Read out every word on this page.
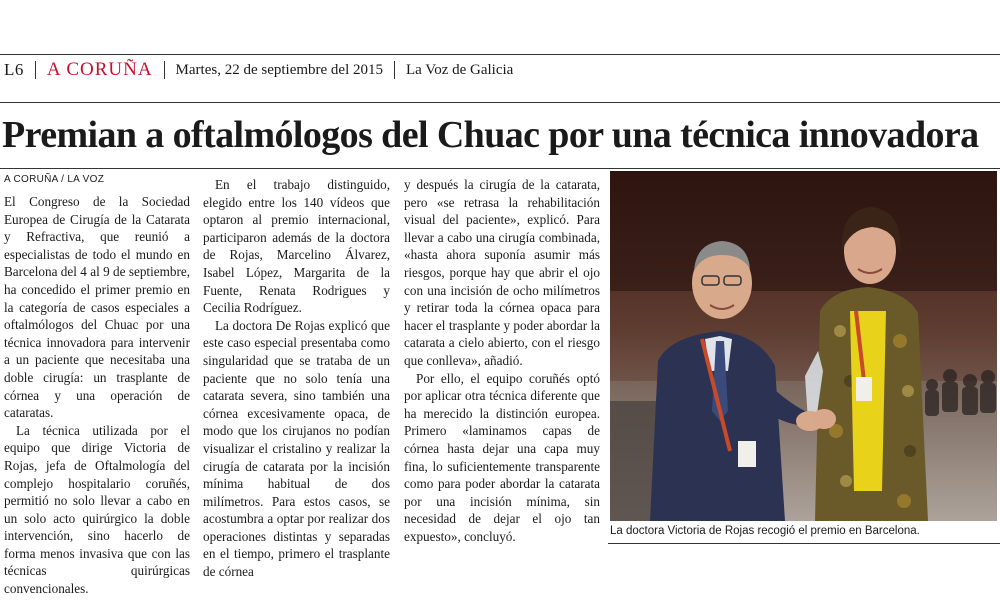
L6 A CORUÑA Martes, 22 de septiembre del 2015 La Voz de Galicia
Premian a oftalmólogos del Chuac por una técnica innovadora
A CORUÑA / LA VOZ

El Congreso de la Sociedad Europea de Cirugía de la Catarata y Refractiva, que reunió a especialistas de todo el mundo en Barcelona del 4 al 9 de septiembre, ha concedido el primer premio en la categoría de casos especiales a oftalmólogos del Chuac por una técnica innovadora para intervenir a un paciente que necesitaba una doble cirugía: un trasplante de córnea y una operación de cataratas.

La técnica utilizada por el equipo que dirige Victoria de Rojas, jefa de Oftalmología del complejo hospitalario coruñés, permitió no solo llevar a cabo en un solo acto quirúrgico la doble intervención, sino hacerlo de forma menos invasiva que con las técnicas quirúrgicas convencionales.

En el trabajo distinguido, elegido entre los 140 vídeos que optaron al premio internacional, participaron además de la doctora de Rojas, Marcelino Álvarez, Isabel López, Margarita de la Fuente, Renata Rodrigues y Cecilia Rodríguez.

La doctora De Rojas explicó que este caso especial presentaba como singularidad que se trataba de un paciente que no solo tenía una catarata severa, sino también una córnea excesivamente opaca, de modo que los cirujanos no podían visualizar el cristalino y realizar la cirugía de catarata por la incisión mínima habitual de dos milímetros. Para estos casos, se acostumbra a optar por realizar dos operaciones distintas y separadas en el tiempo, primero el trasplante de córnea

y después la cirugía de la catarata, pero «se retrasa la rehabilitación visual del paciente», explicó. Para llevar a cabo una cirugía combinada, «hasta ahora suponía asumir más riesgos, porque hay que abrir el ojo con una incisión de ocho milímetros y retirar toda la córnea opaca para hacer el trasplante y poder abordar la catarata a cielo abierto, con el riesgo que conlleva», añadió.

Por ello, el equipo coruñés optó por aplicar otra técnica diferente que ha merecido la distinción europea. Primero «laminamos capas de córnea hasta dejar una capa muy fina, lo suficientemente transparente como para poder abordar la catarata por una incisión mínima, sin necesidad de dejar el ojo tan expuesto», concluyó.	La doctora Victoria de Rojas recogió el premio en Barcelona.
